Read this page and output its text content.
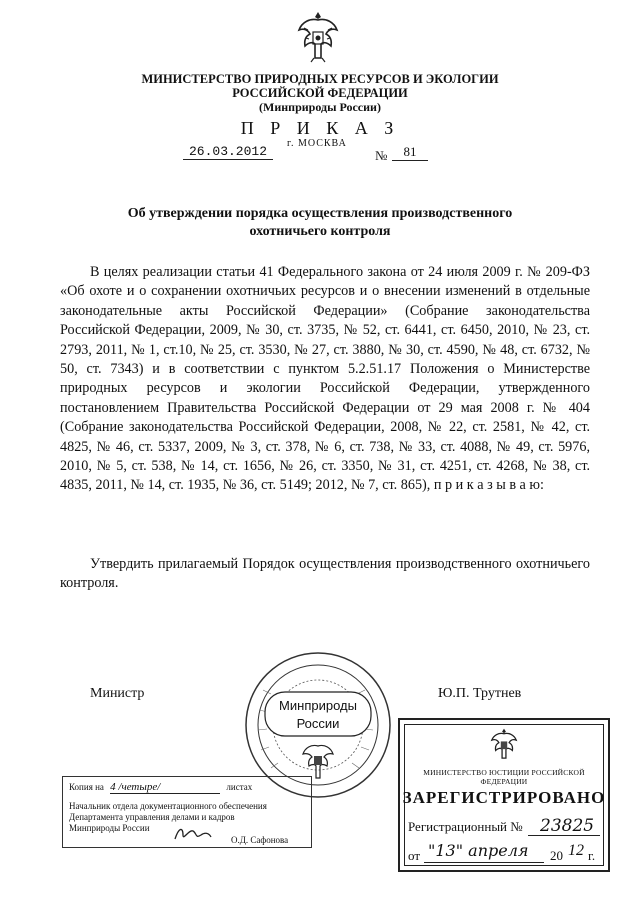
МИНИСТЕРСТВО ПРИРОДНЫХ РЕСУРСОВ И ЭКОЛОГИИ
РОССИЙСКОЙ ФЕДЕРАЦИИ
(Минприроды России)
П Р И К А З
г. МОСКВА
26.03.2012	№	81
Об утверждении порядка осуществления производственного
охотничьего контроля

В целях реализации статьи 41 Федерального закона от 24 июля 2009 г. № 209-ФЗ «Об охоте и о сохранении охотничьих ресурсов и о внесении изменений в отдельные законодательные акты Российской Федерации» (Собрание законодательства Российской Федерации, 2009, № 30, ст. 3735, № 52, ст. 6441, ст. 6450, 2010, № 23, ст. 2793, 2011, № 1, ст.10, № 25, ст. 3530, № 27, ст. 3880, № 30, ст. 4590, № 48, ст. 6732, № 50, ст. 7343) и в соответствии с пунктом 5.2.51.17 Положения о Министерстве природных ресурсов и экологии Российской Федерации, утвержденного постановлением Правительства Российской Федерации от 29 мая 2008 г. № 404 (Собрание законодательства Российской Федерации, 2008, № 22, ст. 2581, № 42, ст. 4825, № 46, ст. 5337, 2009, № 3, ст. 378, № 6, ст. 738, № 33, ст. 4088, № 49, ст. 5976, 2010, № 5, ст. 538, № 14, ст. 1656, № 26, ст. 3350, № 31, ст. 4251, ст. 4268, № 38, ст. 4835, 2011, № 14, ст. 1935, № 36, ст. 5149; 2012, № 7, ст. 865), п р и к а з ы в а ю:

Утвердить прилагаемый Порядок осуществления производственного охотничьего контроля.

Министр	Ю.П. Трутнев
Минприроды
России
Копия на 4 /четыре/	листах
Начальник отдела документационного обеспечения
Департамента управления делами и кадров
Минприроды России
О.Д. Сафонова
МИНИСТЕРСТВО ЮСТИЦИИ РОССИЙСКОЙ ФЕДЕРАЦИИ
ЗАРЕГИСТРИРОВАНО
Регистрационный № 23825
от "13" апреля 20 12 г.
